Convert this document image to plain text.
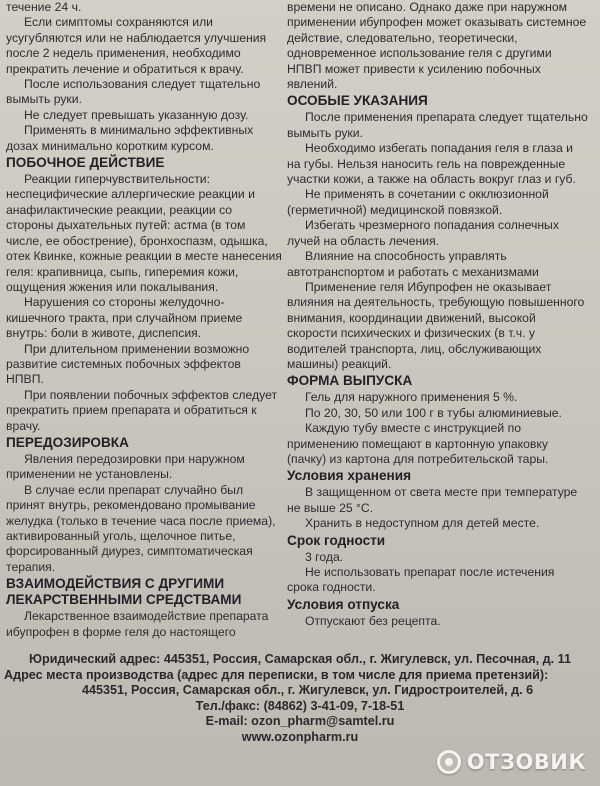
течение 24 ч.
Если симптомы сохраняются или усугубляются или не наблюдается улучшения после 2 недель применения, необходимо прекратить лечение и обратиться к врачу.
После использования следует тщательно вымыть руки.
Не следует превышать указанную дозу.
Применять в минимально эффективных дозах минимально коротким курсом.
ПОБОЧНОЕ ДЕЙСТВИЕ
Реакции гиперчувствительности: неспецифические аллергические реакции и анафилактические реакции, реакции со стороны дыхательных путей: астма (в том числе, ее обострение), бронхоспазм, одышка, отек Квинке, кожные реакции в месте нанесения геля: крапивница, сыпь, гиперемия кожи, ощущения жжения или покалывания.
Нарушения со стороны желудочно-кишечного тракта, при случайном приеме внутрь: боли в животе, диспепсия.
При длительном применении возможно развитие системных побочных эффектов НПВП.
При появлении побочных эффектов следует прекратить прием препарата и обратиться к врачу.
ПЕРЕДОЗИРОВКА
Явления передозировки при наружном применении не установлены.
В случае если препарат случайно был принят внутрь, рекомендовано промывание желудка (только в течение часа после приема), активированный уголь, щелочное питье, форсированный диурез, симптоматическая терапия.
ВЗАИМОДЕЙСТВИЯ С ДРУГИМИ ЛЕКАРСТВЕННЫМИ СРЕДСТВАМИ
Лекарственное взаимодействие препарата ибупрофен в форме геля до настоящего
времени не описано. Однако даже при наружном применении ибупрофен может оказывать системное действие, следовательно, теоретически, одновременное использование геля с другими НПВП может привести к усилению побочных явлений.
ОСОБЫЕ УКАЗАНИЯ
После применения препарата следует тщательно вымыть руки.
Необходимо избегать попадания геля в глаза и на губы. Нельзя наносить гель на поврежденные участки кожи, а также на область вокруг глаз и губ.
Не применять в сочетании с окклюзионной (герметичной) медицинской повязкой.
Избегать чрезмерного попадания солнечных лучей на область лечения.
Влияние на способность управлять автотранспортом и работать с механизмами
Применение геля Ибупрофен не оказывает влияния на деятельность, требующую повышенного внимания, координации движений, высокой скорости психических и физических (в т.ч. у водителей транспорта, лиц, обслуживающих машины) реакций.
ФОРМА ВЫПУСКА
Гель для наружного применения 5 %.
По 20, 30, 50 или 100 г в тубы алюминиевые.
Каждую тубу вместе с инструкцией по применению помещают в картонную упаковку (пачку) из картона для потребительской тары.
Условия хранения
В защищенном от света месте при температуре не выше 25 °C.
Хранить в недоступном для детей месте.
Срок годности
3 года.
Не использовать препарат после истечения срока годности.
Условия отпуска
Отпускают без рецепта.
Юридический адрес: 445351, Россия, Самарская обл., г. Жигулевск, ул. Песочная, д. 11
Адрес места производства (адрес для переписки, в том числе для приема претензий):
445351, Россия, Самарская обл., г. Жигулевск, ул. Гидростроителей, д. 6
Тел./факс: (84862) 3-41-09, 7-18-51
E-mail: ozon_pharm@samtel.ru
www.ozonpharm.ru
ОТЗОВИК
